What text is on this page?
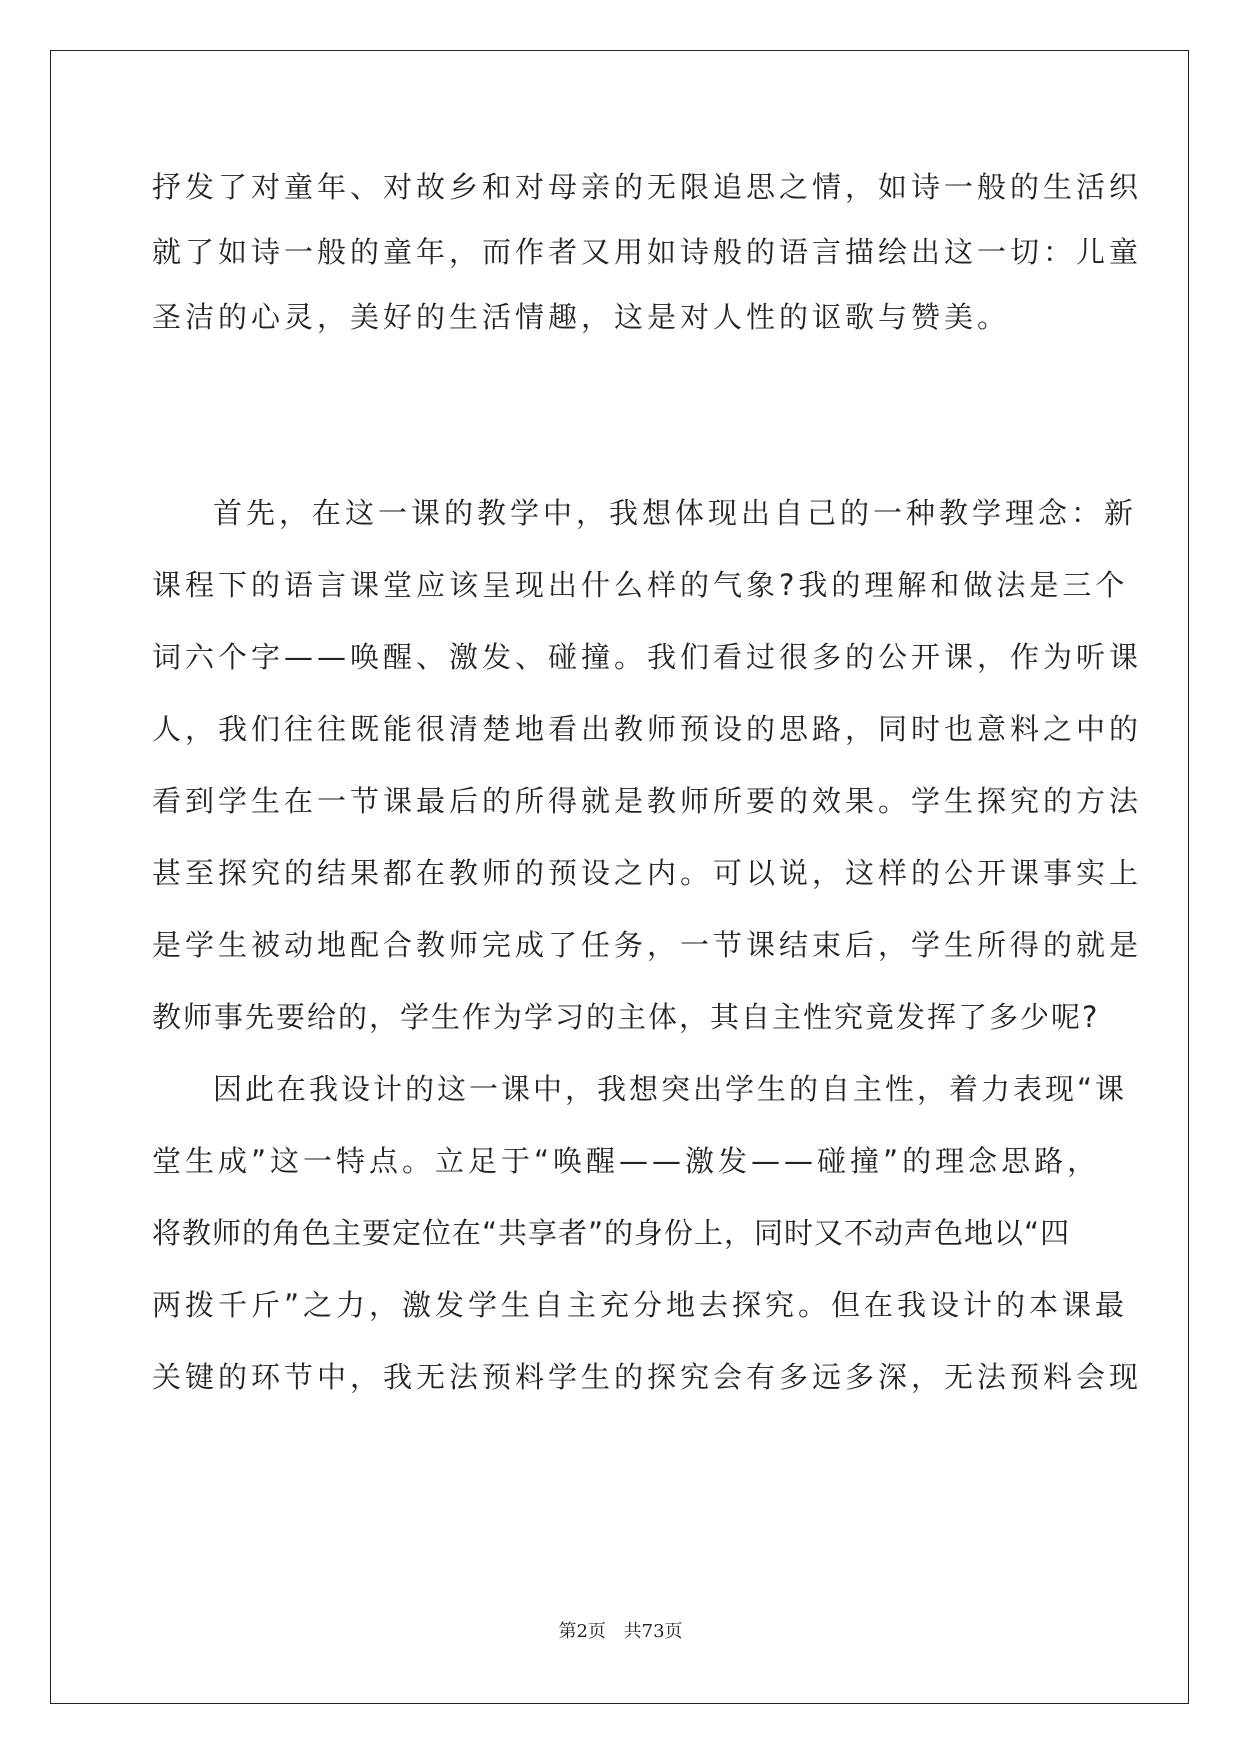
抒发了对童年、对故乡和对母亲的无限追思之情，如诗一般的生活织
就了如诗一般的童年，而作者又用如诗般的语言描绘出这一切：儿童
圣洁的心灵，美好的生活情趣，这是对人性的讴歌与赞美。
首先，在这一课的教学中，我想体现出自己的一种教学理念：新
课程下的语言课堂应该呈现出什么样的气象?我的理解和做法是三个
词六个字——唤醒、激发、碰撞。我们看过很多的公开课，作为听课
人，我们往往既能很清楚地看出教师预设的思路，同时也意料之中的
看到学生在一节课最后的所得就是教师所要的效果。学生探究的方法
甚至探究的结果都在教师的预设之内。可以说，这样的公开课事实上
是学生被动地配合教师完成了任务，一节课结束后，学生所得的就是
教师事先要给的，学生作为学习的主体，其自主性究竟发挥了多少呢?
因此在我设计的这一课中，我想突出学生的自主性，着力表现“课
堂生成”这一特点。立足于“唤醒——激发——碰撞”的理念思路，
将教师的角色主要定位在“共享者”的身份上，同时又不动声色地以“四
两拨千斤”之力，激发学生自主充分地去探究。但在我设计的本课最
关键的环节中，我无法预料学生的探究会有多远多深，无法预料会现
第2页 共73页
